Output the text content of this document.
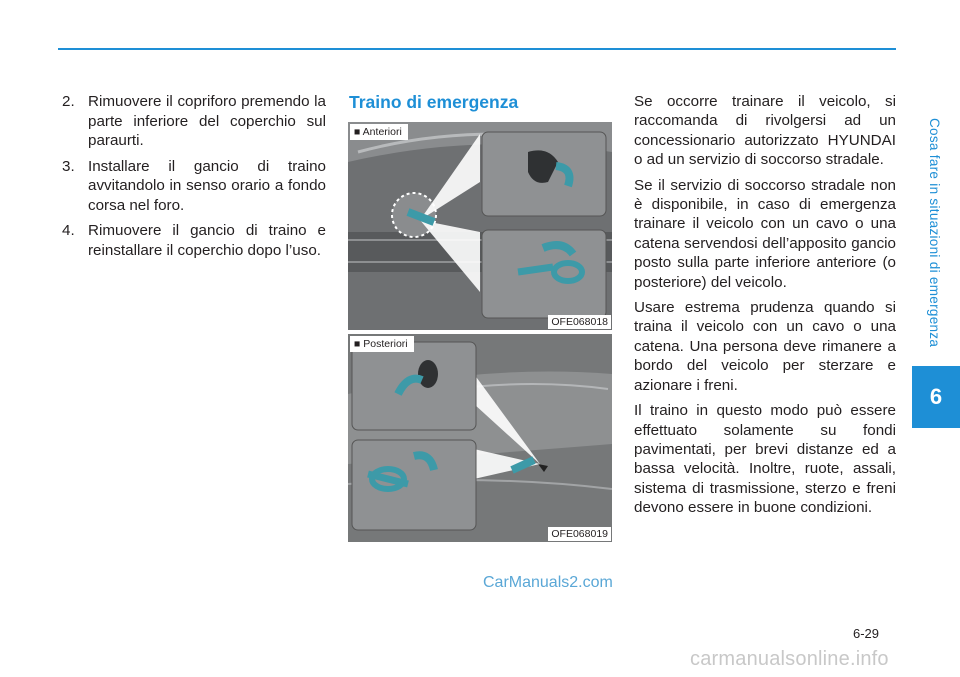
Cosa fare in situazioni di emergenza
6
2. Rimuovere il copriforo premendo la parte inferiore del coperchio sul paraurti.
3. Installare il gancio di traino avvitandolo in senso orario a fondo corsa nel foro.
4. Rimuovere il gancio di traino e reinstallare il coperchio dopo l’uso.
Traino di emergenza
■ Anteriori
OFE068018
■ Posteriori
OFE068019

Se occorre trainare il veicolo, si raccomanda di rivolgersi ad un concessionario autorizzato HYUNDAI o ad un servizio di soccorso stradale.

Se il servizio di soccorso stradale non è disponibile, in caso di emergenza trainare il veicolo con un cavo o una catena servendosi dell’apposito gancio posto sulla parte inferiore anteriore (o posteriore) del veicolo.

Usare estrema prudenza quando si traina il veicolo con un cavo o una catena. Una persona deve rimanere a bordo del veicolo per sterzare e azionare i freni.

Il traino in questo modo può essere effettuato solamente su fondi pavimentati, per brevi distanze ed a bassa velocità. Inoltre, ruote, assali, sistema di trasmissione, sterzo e freni devono essere in buone condizioni.

CarManuals2.com
6-29
carmanualsonline.info
